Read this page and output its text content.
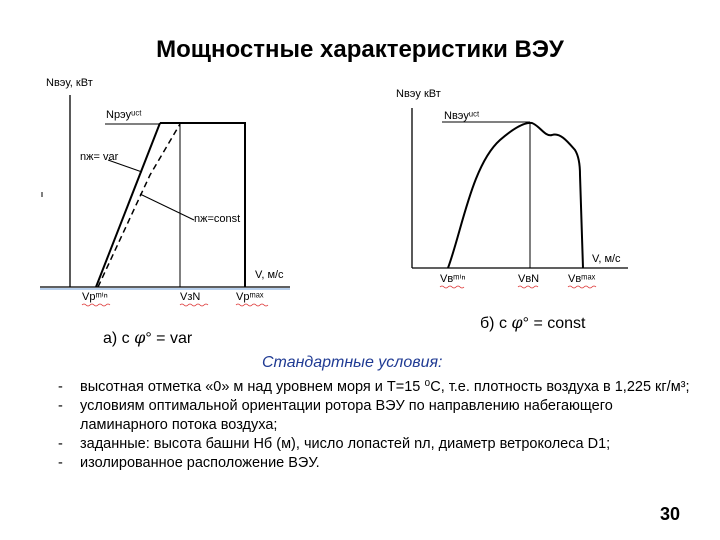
Мощностные характеристики ВЭУ
Nвэу, кВт
Nрэуᵘᶜᵗ
nж= var
nж=const
V, м/с
Vрᵐⁱⁿ	VзN	Vрᵐᵃˣ
Nвэу кВт
Nвэуᵘᶜᵗ
V, м/с
Vвᵐⁱⁿ	VвN	Vвᵐᵃˣ
а) с φ° = var
б) с φ° = const
Стандартные условия:
- высотная отметка «0» м над уровнем моря и Т=15 ⁰С, т.е. плотность воздуха в 1,225 кг/м³;
- условиям оптимальной ориентации ротора ВЭУ по направлению набегающего ламинарного потока воздуха;
- заданные: высота башни Нб (м), число лопастей nл, диаметр ветроколеса D1;
- изолированное расположение ВЭУ.
30
